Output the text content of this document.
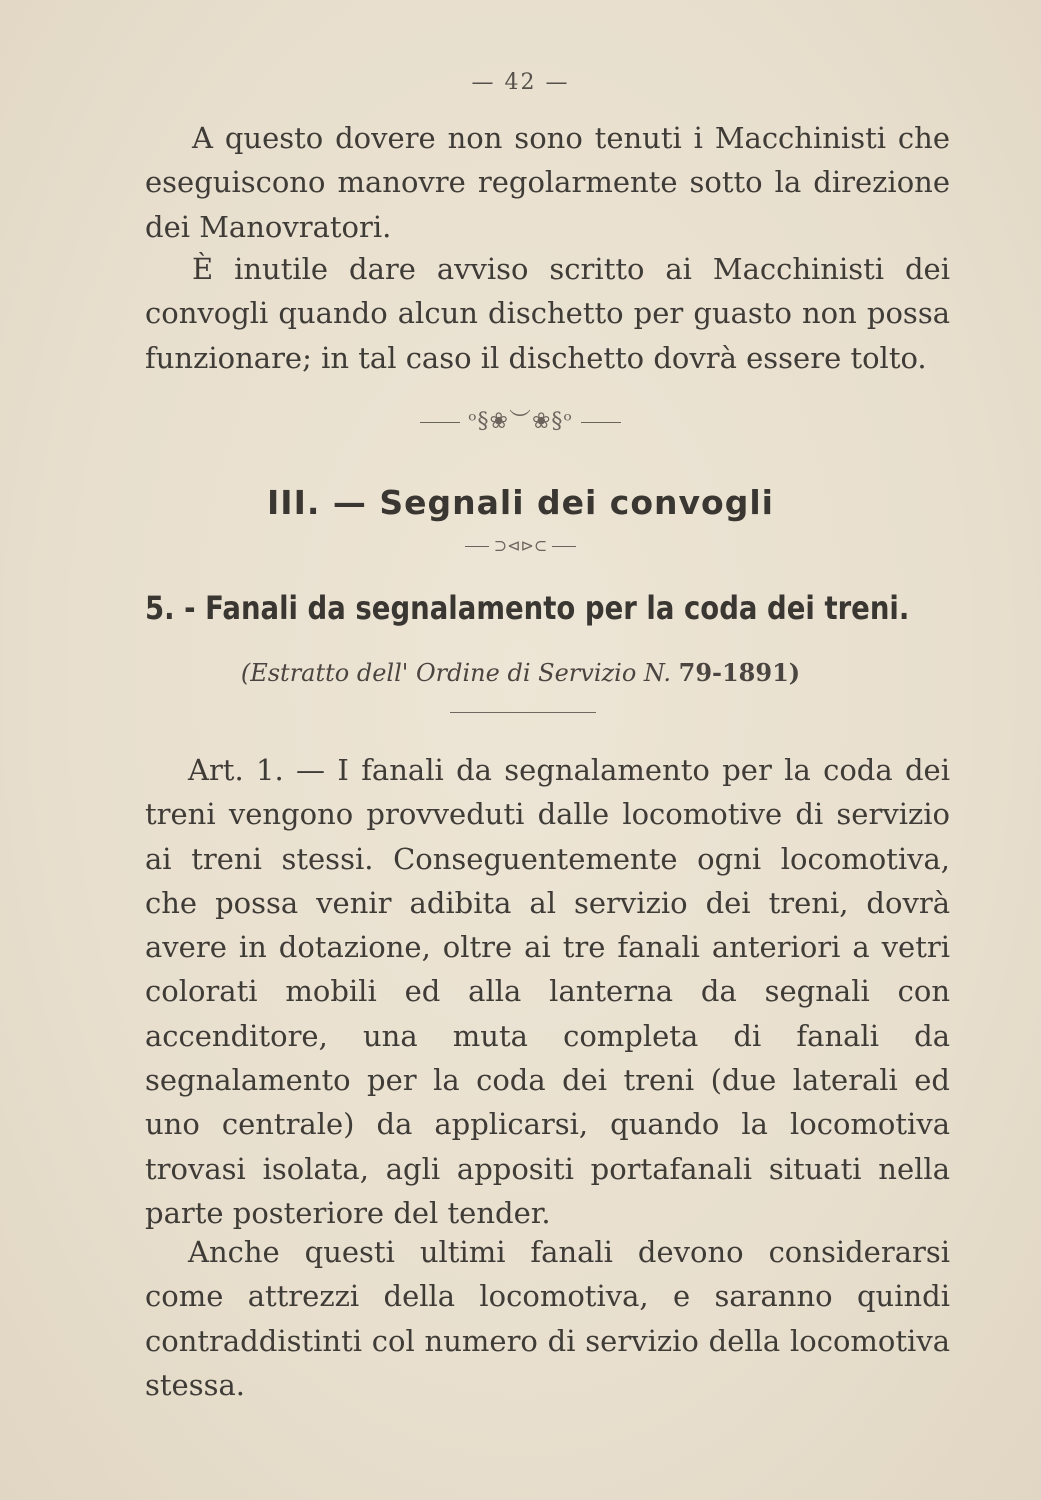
— 42 —

A questo dovere non sono tenuti i Macchinisti che eseguiscono manovre regolarmente sotto la direzione dei Manovratori.

È inutile dare avviso scritto ai Macchinisti dei convogli quando alcun dischetto per guasto non possa funzionare; in tal caso il dischetto dovrà essere tolto.

ᵒ§❀︶❀§ᵒ
III. — Segnali dei convogli
⊃⊲⊳⊂
5. - Fanali da segnalamento per la coda dei treni.
(Estratto dell' Ordine di Servizio N. 79-1891)

Art. 1. — I fanali da segnalamento per la coda dei treni vengono provveduti dalle locomotive di servizio ai treni stessi. Conseguentemente ogni locomotiva, che possa venir adibita al servizio dei treni, dovrà avere in dotazione, oltre ai tre fanali anteriori a vetri colorati mobili ed alla lanterna da segnali con accenditore, una muta completa di fanali da segnalamento per la coda dei treni (due laterali ed uno centrale) da applicarsi, quando la locomotiva trovasi isolata, agli appositi portafanali situati nella parte posteriore del tender.

Anche questi ultimi fanali devono considerarsi come attrezzi della locomotiva, e saranno quindi contraddistinti col numero di servizio della locomotiva stessa.
